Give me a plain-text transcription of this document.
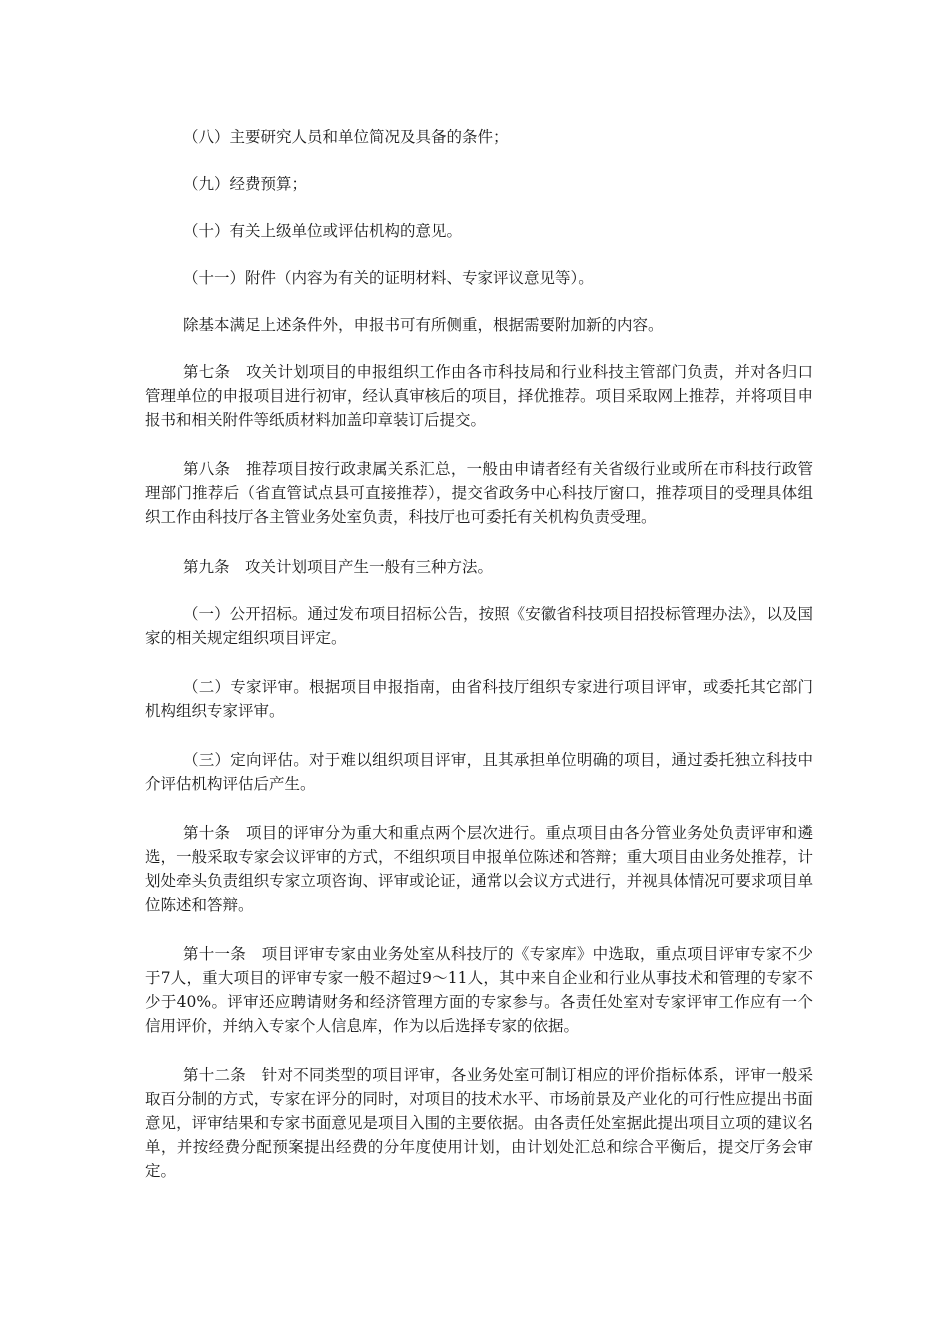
（八）主要研究人员和单位简况及具备的条件；

（九）经费预算；

（十）有关上级单位或评估机构的意见。

（十一）附件（内容为有关的证明材料、专家评议意见等）。

除基本满足上述条件外，申报书可有所侧重，根据需要附加新的内容。

第七条　攻关计划项目的申报组织工作由各市科技局和行业科技主管部门负责，并对各归口管理单位的申报项目进行初审，经认真审核后的项目，择优推荐。项目采取网上推荐，并将项目申报书和相关附件等纸质材料加盖印章装订后提交。

第八条　推荐项目按行政隶属关系汇总，一般由申请者经有关省级行业或所在市科技行政管理部门推荐后（省直管试点县可直接推荐），提交省政务中心科技厅窗口，推荐项目的受理具体组织工作由科技厅各主管业务处室负责，科技厅也可委托有关机构负责受理。

第九条　攻关计划项目产生一般有三种方法。

（一）公开招标。通过发布项目招标公告，按照《安徽省科技项目招投标管理办法》，以及国家的相关规定组织项目评定。

（二）专家评审。根据项目申报指南，由省科技厅组织专家进行项目评审，或委托其它部门　机构组织专家评审。

（三）定向评估。对于难以组织项目评审，且其承担单位明确的项目，通过委托独立科技中介评估机构评估后产生。

第十条　项目的评审分为重大和重点两个层次进行。重点项目由各分管业务处负责评审和遴选，一般采取专家会议评审的方式，不组织项目申报单位陈述和答辩；重大项目由业务处推荐，计划处牵头负责组织专家立项咨询、评审或论证，通常以会议方式进行，并视具体情况可要求项目单位陈述和答辩。

第十一条　项目评审专家由业务处室从科技厅的《专家库》中选取，重点项目评审专家不少于7人，重大项目的评审专家一般不超过9～11人，其中来自企业和行业从事技术和管理的专家不少于40%。评审还应聘请财务和经济管理方面的专家参与。各责任处室对专家评审工作应有一个信用评价，并纳入专家个人信息库，作为以后选择专家的依据。

第十二条　针对不同类型的项目评审，各业务处室可制订相应的评价指标体系，评审一般采取百分制的方式，专家在评分的同时，对项目的技术水平、市场前景及产业化的可行性应提出书面意见，评审结果和专家书面意见是项目入围的主要依据。由各责任处室据此提出项目立项的建议名单，并按经费分配预案提出经费的分年度使用计划，由计划处汇总和综合平衡后，提交厅务会审定。
